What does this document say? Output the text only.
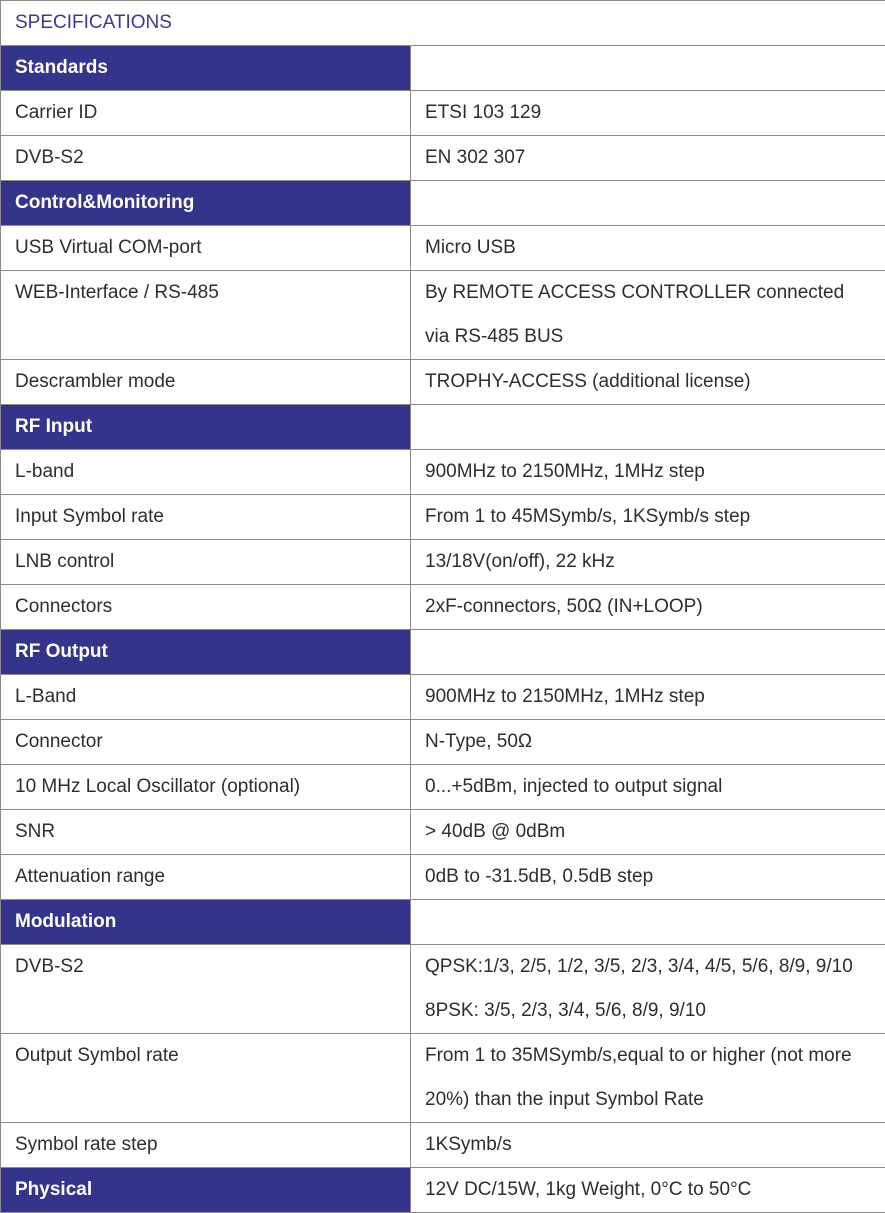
SPECIFICATIONS	
Standards	
Carrier ID	ETSI 103 129
DVB-S2	EN 302 307
Control&Monitoring	
USB Virtual COM-port	Micro USB

WEB-Interface / RS-485	By REMOTE ACCESS CONTROLLER connected
via RS-485 BUS

Descrambler mode	TROPHY-ACCESS (additional license)
RF Input	
L-band	900MHz to 2150MHz, 1MHz step
Input Symbol rate	From 1 to 45MSymb/s, 1KSymb/s step
LNB control	13/18V(on/off), 22 kHz
Connectors	2xF-connectors, 50Ω (IN+LOOP)
RF Output	
L-Band	900MHz to 2150MHz, 1MHz step
Connector	N-Type, 50Ω
10 MHz Local Oscillator (optional)	0...+5dBm, injected to output signal
SNR	> 40dB @ 0dBm
Attenuation range	0dB to -31.5dB, 0.5dB step
Modulation	

DVB-S2	QPSK:1/3, 2/5, 1/2, 3/5, 2/3, 3/4, 4/5, 5/6, 8/9, 9/10
8PSK: 3/5, 2/3, 3/4, 5/6, 8/9, 9/10

Output Symbol rate	From 1 to 35MSymb/s,equal to or higher (not more
20%) than the input Symbol Rate

Symbol rate step	1KSymb/s
Physical	12V DC/15W, 1kg Weight, 0°C to 50°C
